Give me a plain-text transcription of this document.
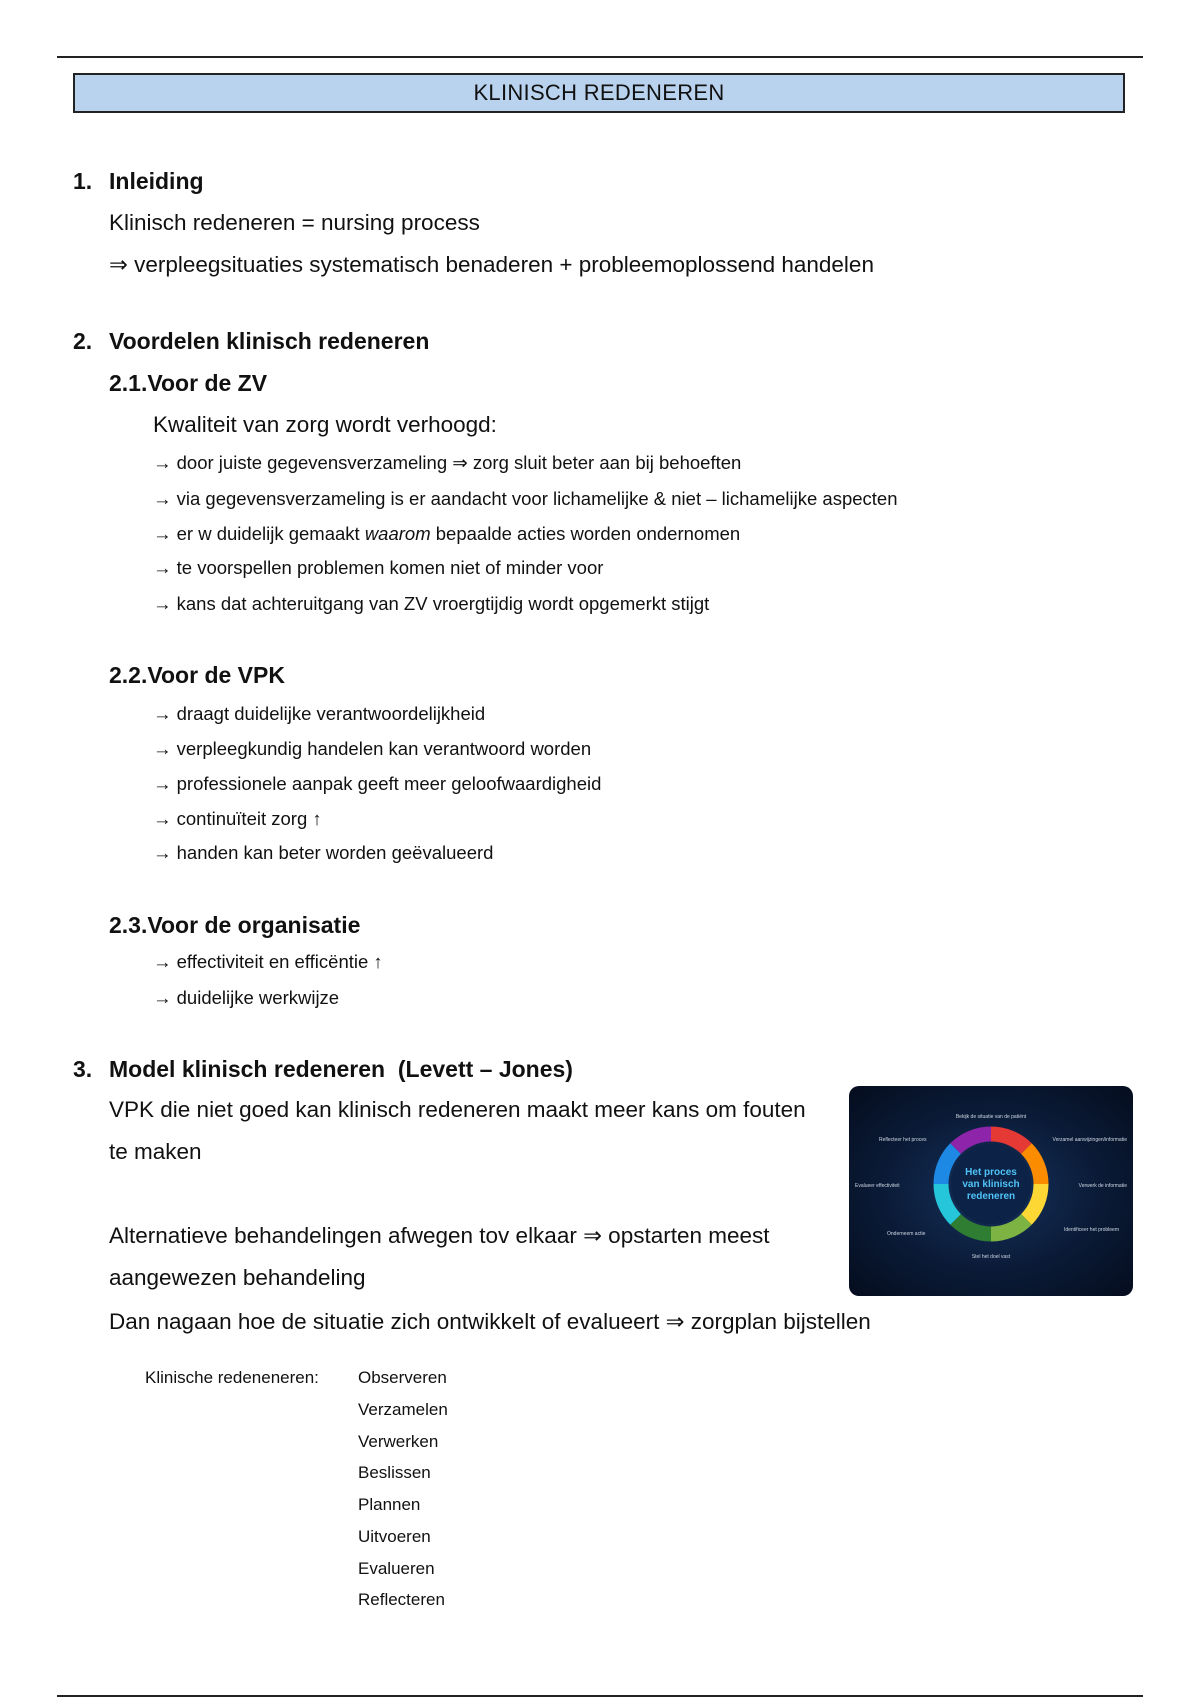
KLINISCH REDENEREN
1. Inleiding
Klinisch redeneren = nursing process
⇒ verpleegsituaties systematisch benaderen + probleemoplossend handelen
2. Voordelen klinisch redeneren
2.1.Voor de ZV
Kwaliteit van zorg wordt verhoogd:
→ door juiste gegevensverzameling ⇒ zorg sluit beter aan bij behoeften
→ via gegevensverzameling is er aandacht voor lichamelijke & niet – lichamelijke aspecten
→ er w duidelijk gemaakt waarom bepaalde acties worden ondernomen
→ te voorspellen problemen komen niet of minder voor
→ kans dat achteruitgang van ZV vroergtijdig wordt opgemerkt stijgt
2.2.Voor de VPK
→ draagt duidelijke verantwoordelijkheid
→ verpleegkundig handelen kan verantwoord worden
→ professionele aanpak geeft meer geloofwaardigheid
→ continuïteit zorg ↑
→ handen kan beter worden geëvalueerd
2.3.Voor de organisatie
→ effectiviteit en efficëntie ↑
→ duidelijke werkwijze
3. Model klinisch redeneren  (Levett – Jones)
VPK die niet goed kan klinisch redeneren maakt meer kans om fouten te maken
Alternatieve behandelingen afwegen tov elkaar ⇒ opstarten meest aangewezen behandeling
Dan nagaan hoe de situatie zich ontwikkelt of evalueert ⇒ zorgplan bijstellen
Het proces
van klinisch
redeneren
Bekijk de situatie van de patiënt
Verzamel aanwijzingen/informatie
Verwerk de informatie
Identificeer het probleem
Stel het doel vast
Onderneem actie
Evalueer effectiviteit
Reflecteer het proces
Klinische redeneneren: Observeren
Verzamelen
Verwerken
Beslissen
Plannen
Uitvoeren
Evalueren
Reflecteren
